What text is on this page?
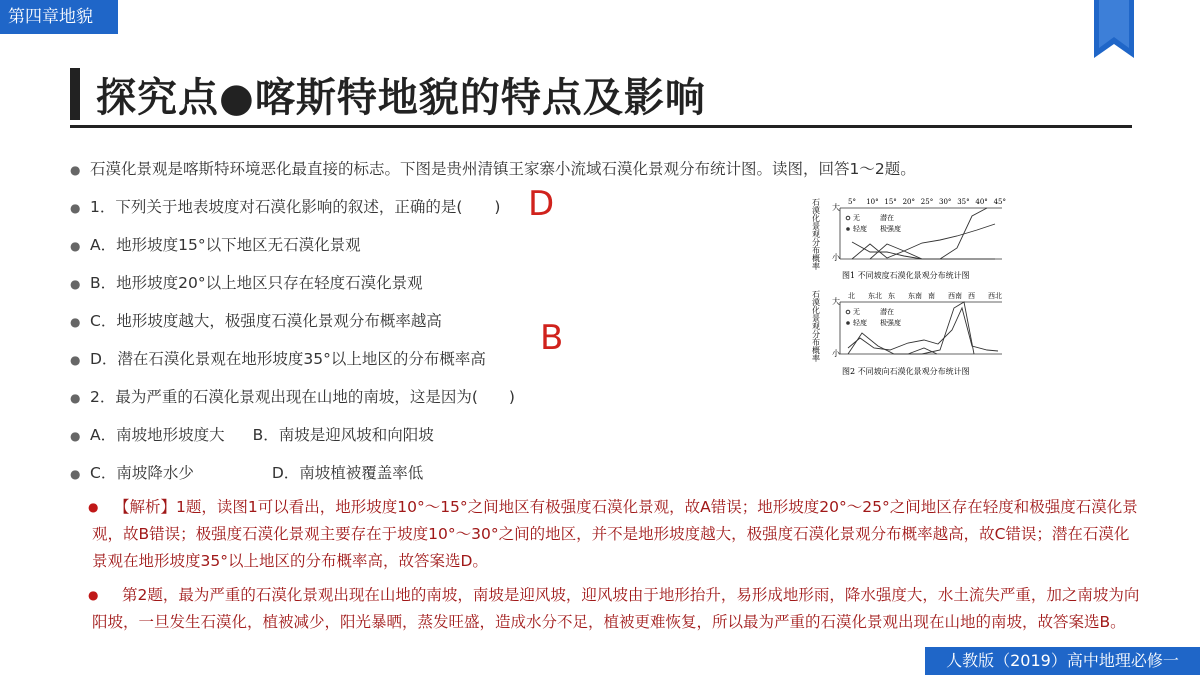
第四章地貌
探究点●喀斯特地貌的特点及影响
● 石漠化景观是喀斯特环境恶化最直接的标志。下图是贵州清镇王家寨小流域石漠化景观分布统计图。读图，回答1～2题。
● 1．下列关于地表坡度对石漠化影响的叙述，正确的是( ) D
● A．地形坡度15°以下地区无石漠化景观
● B．地形坡度20°以上地区只存在轻度石漠化景观
● C．地形坡度越大，极强度石漠化景观分布概率越高
● D．潜在石漠化景观在地形坡度35°以上地区的分布概率高
B
● 2．最为严重的石漠化景观出现在山地的南坡，这是因为(　　)
● A．南坡地形坡度大 B．南坡是迎风坡和向阳坡
● C．南坡降水少	D．南坡植被覆盖率低
● 【解析】1题，读图1可以看出，地形坡度10°～15°之间地区有极强度石漠化景观，故A错误；地形坡度20°～25°之间地区存在轻度和极强度石漠化景观，故B错误；极强度石漠化景观主要存在于坡度10°～30°之间的地区，并不是地形坡度越大，极强度石漠化景观分布概率越高，故C错误；潜在石漠化景观在地形坡度35°以上地区的分布概率高，故答案选D。
● 第2题，最为严重的石漠化景观出现在山地的南坡，南坡是迎风坡，迎风坡由于地形抬升，易形成地形雨，降水强度大，水土流失严重，加之南坡为向阳坡，一旦发生石漠化，植被减少，阳光暴晒，蒸发旺盛，造成水分不足，植被更难恢复，所以最为严重的石漠化景观出现在山地的南坡，故答案选B。
石漠化景观分布概率 大
小
5° 10° 15° 20° 25° 30° 35° 40° 45°
无	潜在
轻度 极强度
图1 不同坡度石漠化景观分布统计图
石漠化景观分布概率 大
小
北 东北 东 东南 南 西南 西 西北
无	潜在
轻度 极强度
图2 不同坡向石漠化景观分布统计图
人教版（2019）高中地理必修一
